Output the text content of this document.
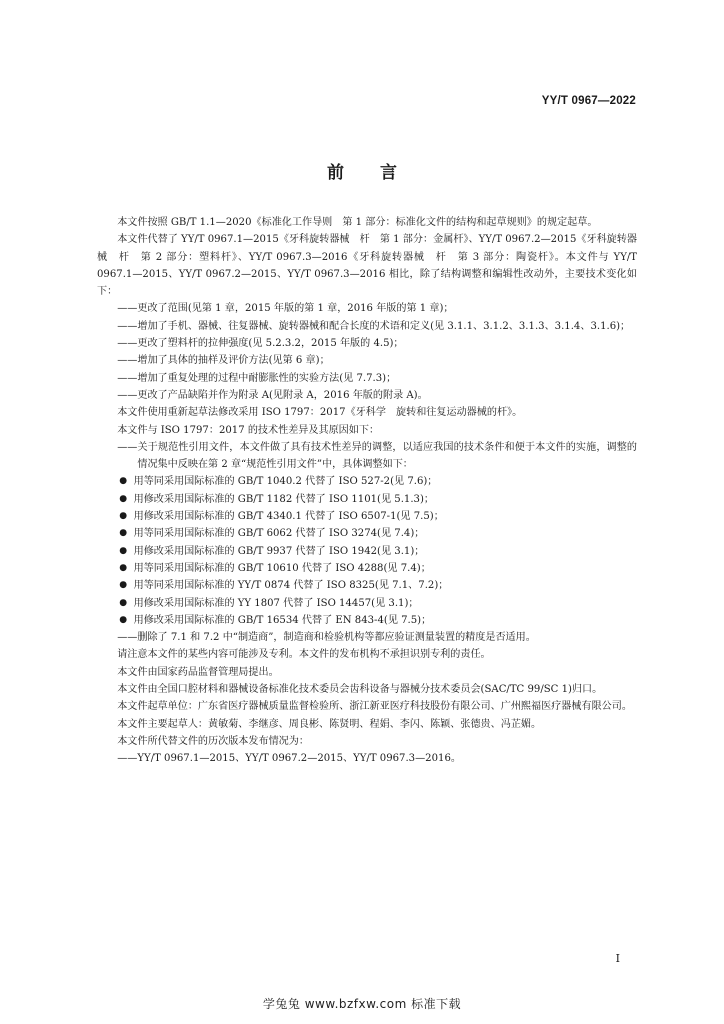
YY/T 0967—2022
前言

本文件按照 GB/T 1.1—2020《标准化工作导则　第 1 部分：标准化文件的结构和起草规则》的规定起草。

本文件代替了 YY/T 0967.1—2015《牙科旋转器械　杆　第 1 部分：金属杆》、YY/T 0967.2—2015《牙科旋转器械　杆　第 2 部分：塑料杆》、YY/T 0967.3—2016《牙科旋转器械　杆　第 3 部分：陶瓷杆》。本文件与 YY/T 0967.1—2015、YY/T 0967.2—2015、YY/T 0967.3—2016 相比，除了结构调整和编辑性改动外，主要技术变化如下：

——更改了范围(见第 1 章，2015 年版的第 1 章，2016 年版的第 1 章)；

——增加了手机、器械、往复器械、旋转器械和配合长度的术语和定义(见 3.1.1、3.1.2、3.1.3、3.1.4、3.1.6)；

——更改了塑料杆的拉伸强度(见 5.2.3.2，2015 年版的 4.5)；

——增加了具体的抽样及评价方法(见第 6 章)；

——增加了重复处理的过程中耐膨胀性的实验方法(见 7.7.3)；

——更改了产品缺陷并作为附录 A(见附录 A，2016 年版的附录 A)。

本文件使用重新起草法修改采用 ISO 1797：2017《牙科学　旋转和往复运动器械的杆》。

本文件与 ISO 1797：2017 的技术性差异及其原因如下：

——关于规范性引用文件，本文件做了具有技术性差异的调整，以适应我国的技术条件和便于本文件的实施，调整的情况集中反映在第 2 章“规范性引用文件”中，具体调整如下：

● 用等同采用国际标准的 GB/T 1040.2 代替了 ISO 527-2(见 7.6)；
● 用修改采用国际标准的 GB/T 1182 代替了 ISO 1101(见 5.1.3)；
● 用修改采用国际标准的 GB/T 4340.1 代替了 ISO 6507-1(见 7.5)；
● 用等同采用国际标准的 GB/T 6062 代替了 ISO 3274(见 7.4)；
● 用修改采用国际标准的 GB/T 9937 代替了 ISO 1942(见 3.1)；
● 用等同采用国际标准的 GB/T 10610 代替了 ISO 4288(见 7.4)；
● 用等同采用国际标准的 YY/T 0874 代替了 ISO 8325(见 7.1、7.2)；
● 用修改采用国际标准的 YY 1807 代替了 ISO 14457(见 3.1)；
● 用修改采用国际标准的 GB/T 16534 代替了 EN 843-4(见 7.5)；

——删除了 7.1 和 7.2 中“制造商”，制造商和检验机构等都应验证测量装置的精度是否适用。

请注意本文件的某些内容可能涉及专利。本文件的发布机构不承担识别专利的责任。

本文件由国家药品监督管理局提出。

本文件由全国口腔材料和器械设备标准化技术委员会齿科设备与器械分技术委员会(SAC/TC 99/SC 1)归口。

本文件起草单位：广东省医疗器械质量监督检验所、浙江新亚医疗科技股份有限公司、广州熙福医疗器械有限公司。

本文件主要起草人：黄敏菊、李继彦、周良彬、陈贤明、程娟、李闪、陈颖、张德贵、冯芷媚。

本文件所代替文件的历次版本发布情况为：

——YY/T 0967.1—2015、YY/T 0967.2—2015、YY/T 0967.3—2016。

I
学兔兔 www.bzfxw.com 标准下载
